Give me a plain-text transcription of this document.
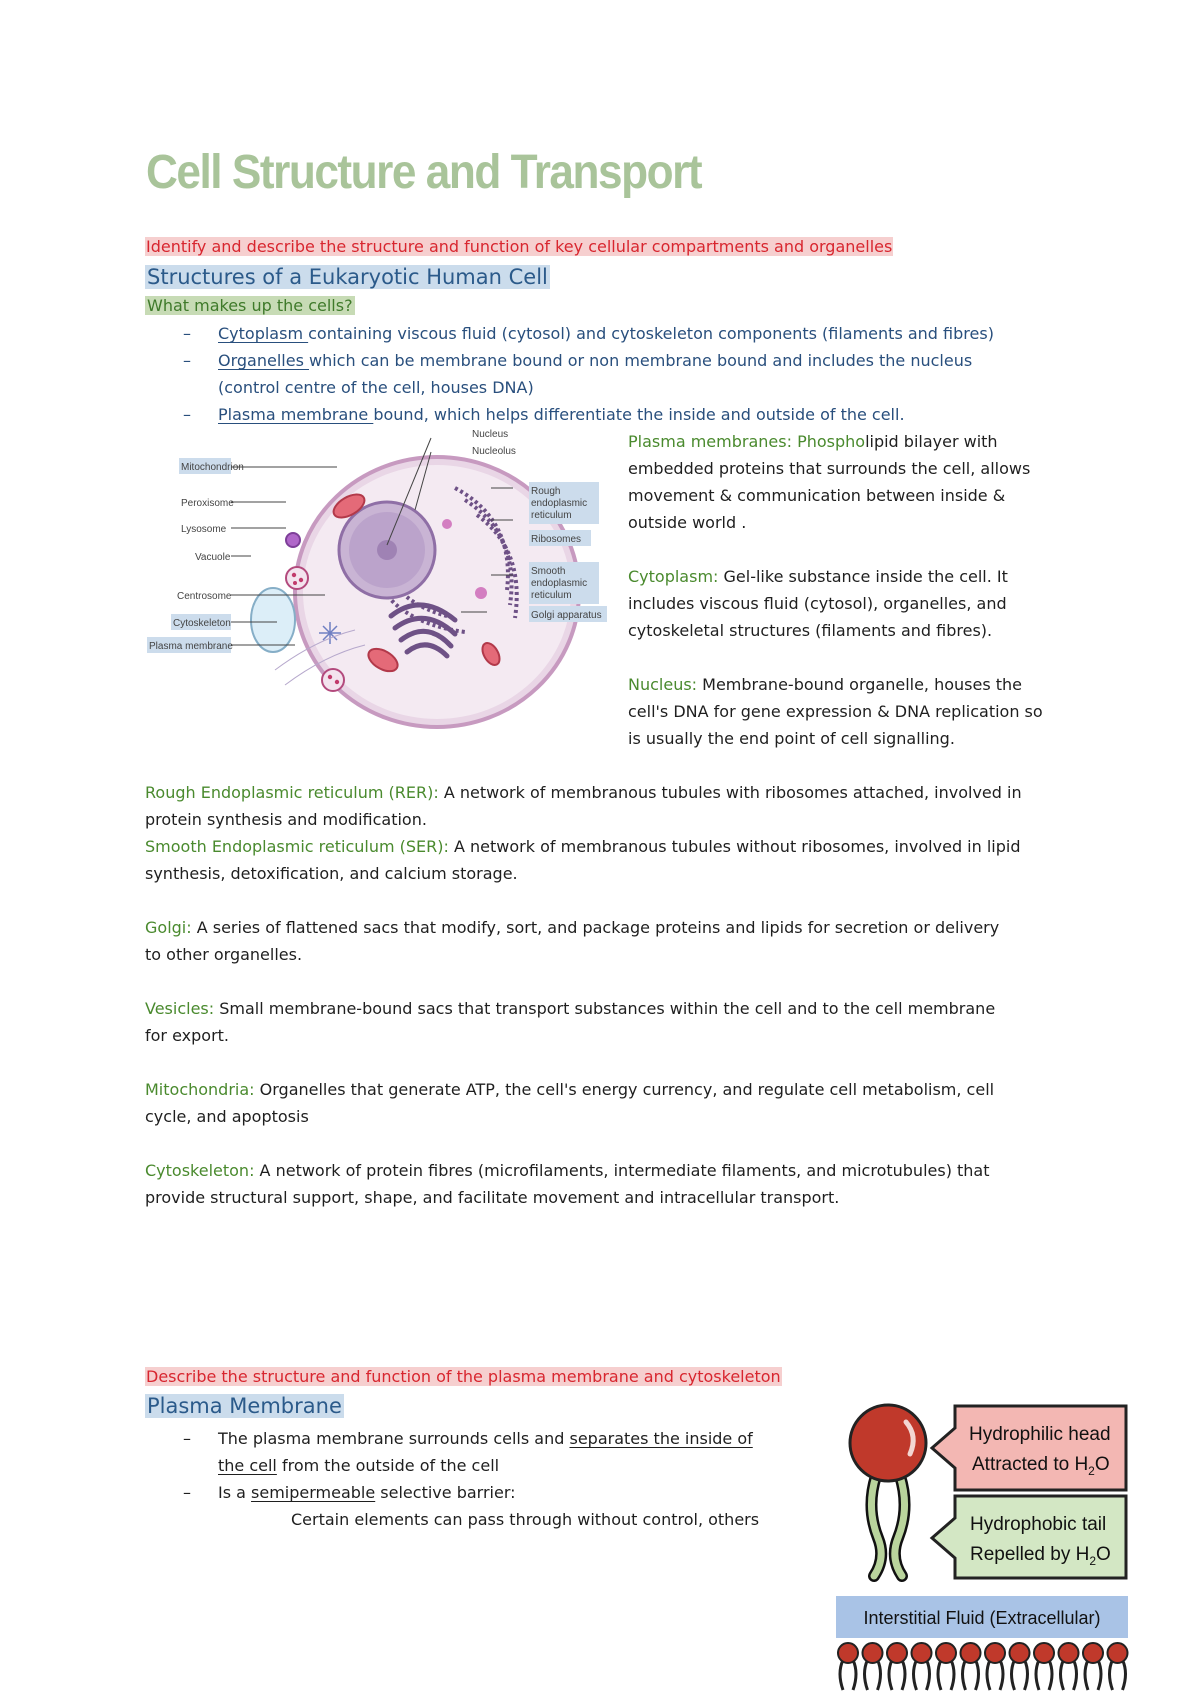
Cell Structure and Transport
Identify and describe the structure and function of key cellular compartments and organelles
Structures of a Eukaryotic Human Cell
What makes up the cells?
– Cytoplasm containing viscous fluid (cytosol) and cytoskeleton components (filaments and fibres)
– Organelles which can be membrane bound or non membrane bound and includes the nucleus
(control centre of the cell, houses DNA)
– Plasma membrane bound, which helps differentiate the inside and outside of the cell.
Mitochondrion
Peroxisome
Lysosome
Vacuole
Centrosome
Cytoskeleton
Plasma membrane
Nucleus
Nucleolus
Rough
endoplasmic
reticulum
Ribosomes
Smooth
endoplasmic
reticulum
Golgi apparatus
Plasma membranes: Phospholipid bilayer with
embedded proteins that surrounds the cell, allows
movement & communication between inside &
outside world .
Cytoplasm: Gel-like substance inside the cell. It
includes viscous fluid (cytosol), organelles, and
cytoskeletal structures (filaments and fibres).
Nucleus: Membrane-bound organelle, houses the
cell's DNA for gene expression & DNA replication so
is usually the end point of cell signalling.
Rough Endoplasmic reticulum (RER): A network of membranous tubules with ribosomes attached, involved in
protein synthesis and modification.
Smooth Endoplasmic reticulum (SER): A network of membranous tubules without ribosomes, involved in lipid
synthesis, detoxification, and calcium storage.
Golgi: A series of flattened sacs that modify, sort, and package proteins and lipids for secretion or delivery
to other organelles.
Vesicles: Small membrane-bound sacs that transport substances within the cell and to the cell membrane
for export.
Mitochondria: Organelles that generate ATP, the cell's energy currency, and regulate cell metabolism, cell
cycle, and apoptosis
Cytoskeleton: A network of protein fibres (microfilaments, intermediate filaments, and microtubules) that
provide structural support, shape, and facilitate movement and intracellular transport.
Describe the structure and function of the plasma membrane and cytoskeleton
Plasma Membrane
– The plasma membrane surrounds cells and separates the inside of
the cell from the outside of the cell
– Is a semipermeable selective barrier:
Certain elements can pass through without control, others
Hydrophilic head
Attracted to $H_2O$
Hydrophobic tail
Repelled by $H_2O$
Interstitial Fluid (Extracellular)
